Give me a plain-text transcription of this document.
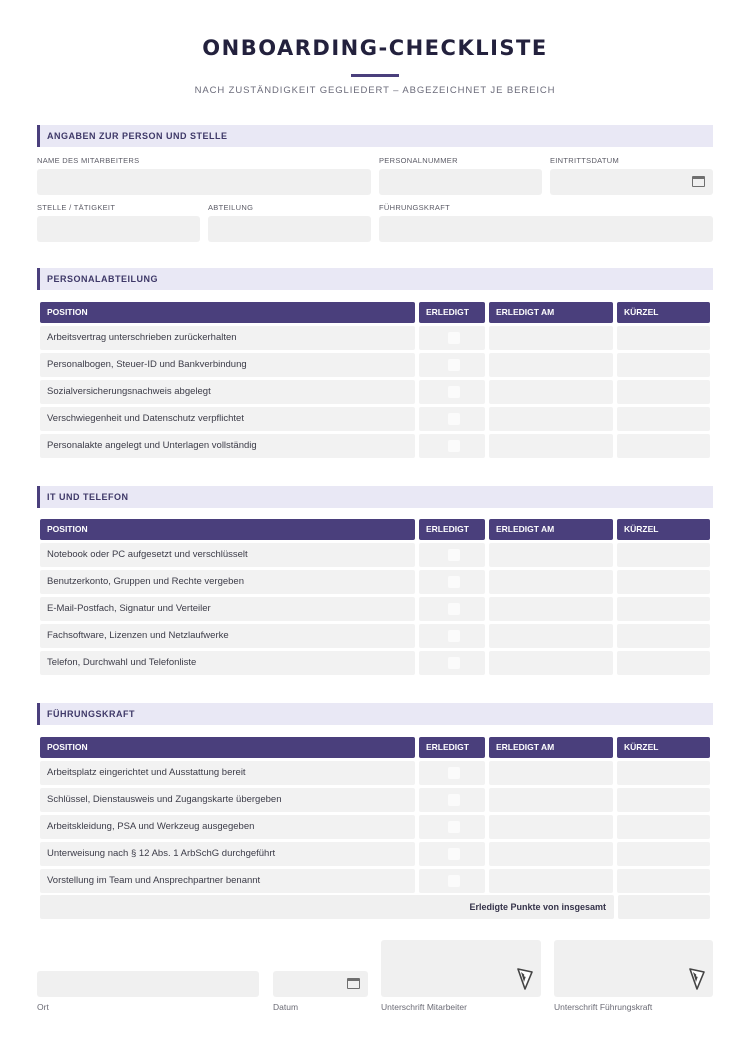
ONBOARDING-CHECKLISTE
NACH ZUSTÄNDIGKEIT GEGLIEDERT – ABGEZEICHNET JE BEREICH
ANGABEN ZUR PERSON UND STELLE
NAME DES MITARBEITERS	PERSONALNUMMER	EINTRITTSDATUM
STELLE / TÄTIGKEIT	ABTEILUNG	FÜHRUNGSKRAFT
PERSONALABTEILUNG
POSITION	ERLEDIGT	ERLEDIGT AM	KÜRZEL
Arbeitsvertrag unterschrieben zurückerhalten
Personalbogen, Steuer-ID und Bankverbindung
Sozialversicherungsnachweis abgelegt
Verschwiegenheit und Datenschutz verpflichtet
Personalakte angelegt und Unterlagen vollständig
IT UND TELEFON
POSITION	ERLEDIGT	ERLEDIGT AM	KÜRZEL
Notebook oder PC aufgesetzt und verschlüsselt
Benutzerkonto, Gruppen und Rechte vergeben
E-Mail-Postfach, Signatur und Verteiler
Fachsoftware, Lizenzen und Netzlaufwerke
Telefon, Durchwahl und Telefonliste
FÜHRUNGSKRAFT
POSITION	ERLEDIGT	ERLEDIGT AM	KÜRZEL
Arbeitsplatz eingerichtet und Ausstattung bereit
Schlüssel, Dienstausweis und Zugangskarte übergeben
Arbeitskleidung, PSA und Werkzeug ausgegeben
Unterweisung nach § 12 Abs. 1 ArbSchG durchgeführt
Vorstellung im Team und Ansprechpartner benannt
Erledigte Punkte von insgesamt
Ort	Datum	Unterschrift Mitarbeiter	Unterschrift Führungskraft
